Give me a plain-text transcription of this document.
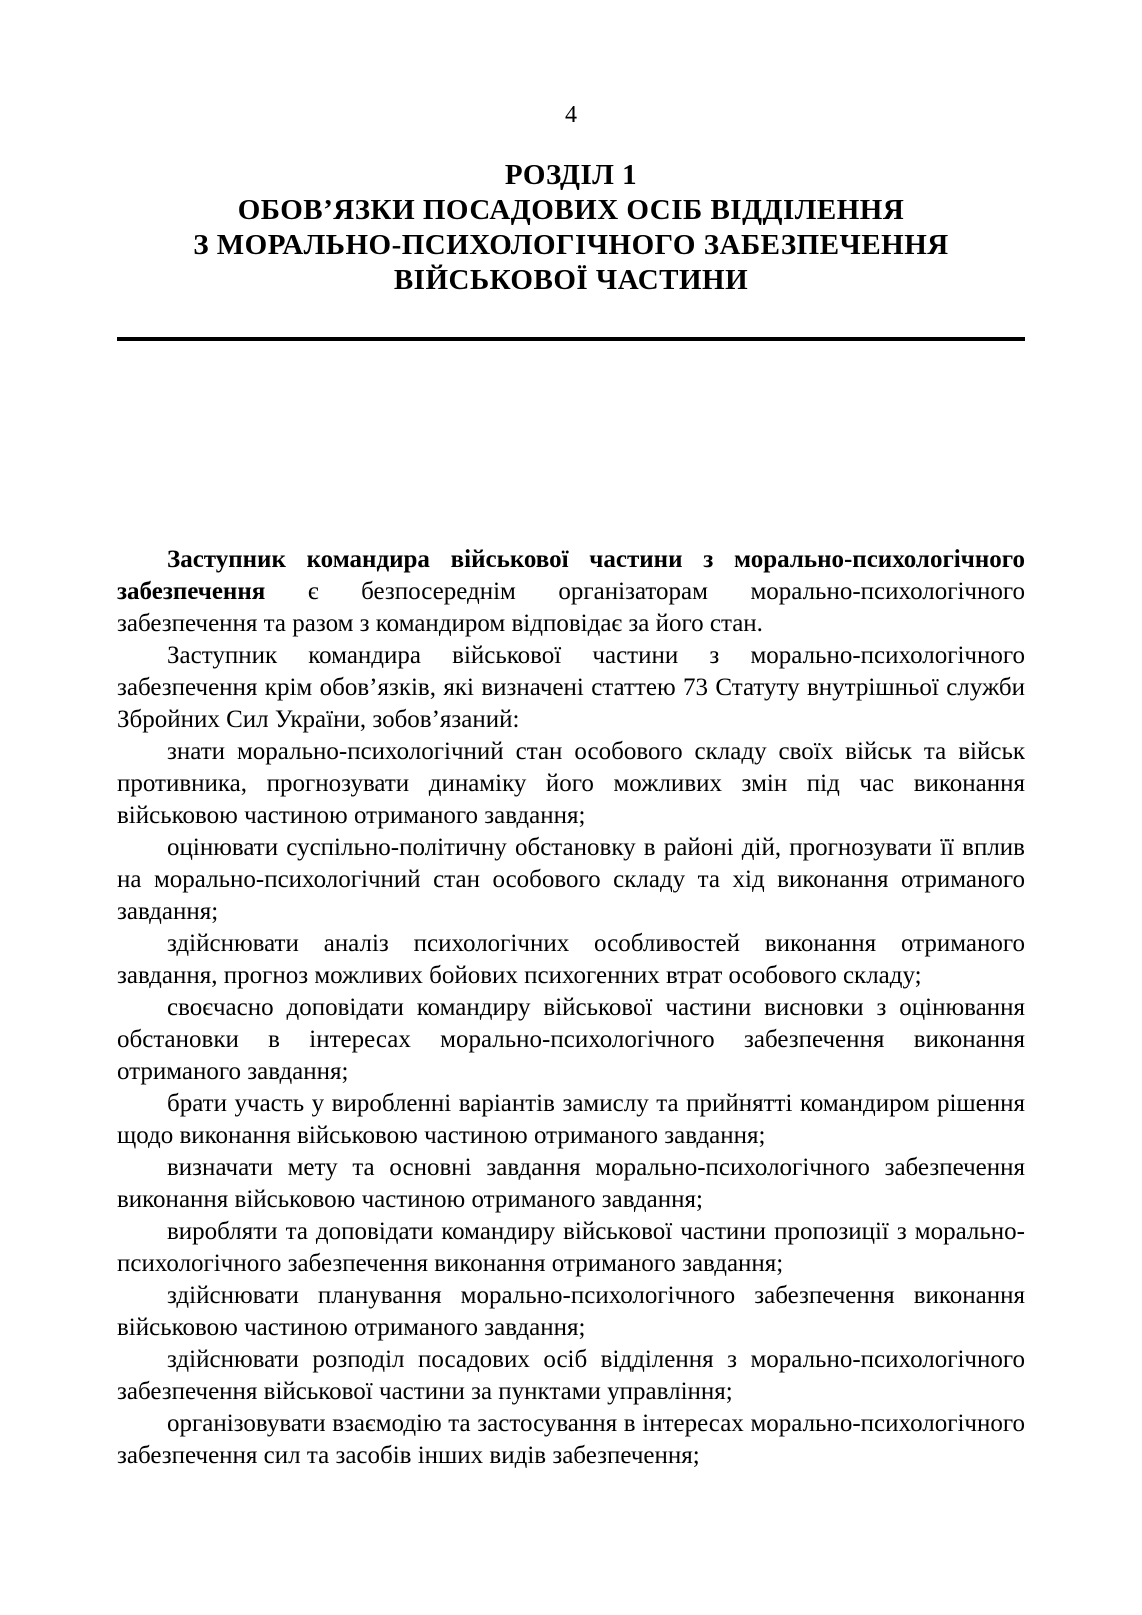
4
РОЗДІЛ 1
ОБОВ’ЯЗКИ ПОСАДОВИХ ОСІБ ВІДДІЛЕННЯ
З МОРАЛЬНО-ПСИХОЛОГІЧНОГО ЗАБЕЗПЕЧЕННЯ
ВІЙСЬКОВОЇ ЧАСТИНИ

Заступник командира військової частини з морально-психологічного забезпечення є безпосереднім організаторам морально-психологічного забезпечення та разом з командиром відповідає за його стан.

Заступник командира військової частини з морально-психологічного забезпечення крім обов’язків, які визначені статтею 73 Статуту внутрішньої служби Збройних Сил України, зобов’язаний:

знати морально-психологічний стан особового складу своїх військ та військ противника, прогнозувати динаміку його можливих змін під час виконання військовою частиною отриманого завдання;

оцінювати суспільно-політичну обстановку в районі дій, прогнозувати її вплив на морально-психологічний стан особового складу та хід виконання отриманого завдання;

здійснювати аналіз психологічних особливостей виконання отриманого завдання, прогноз можливих бойових психогенних втрат особового складу;

своєчасно доповідати командиру військової частини висновки з оцінювання обстановки в інтересах морально-психологічного забезпечення виконання отриманого завдання;

брати участь у виробленні варіантів замислу та прийнятті командиром рішення щодо виконання військовою частиною отриманого завдання;

визначати мету та основні завдання морально-психологічного забезпечення виконання військовою частиною отриманого завдання;

виробляти та доповідати командиру військової частини пропозиції з морально-психологічного забезпечення виконання отриманого завдання;

здійснювати планування морально-психологічного забезпечення виконання військовою частиною отриманого завдання;

здійснювати розподіл посадових осіб відділення з морально-психологічного забезпечення військової частини за пунктами управління;

організовувати взаємодію та застосування в інтересах морально-психологічного забезпечення сил та засобів інших видів забезпечення;
